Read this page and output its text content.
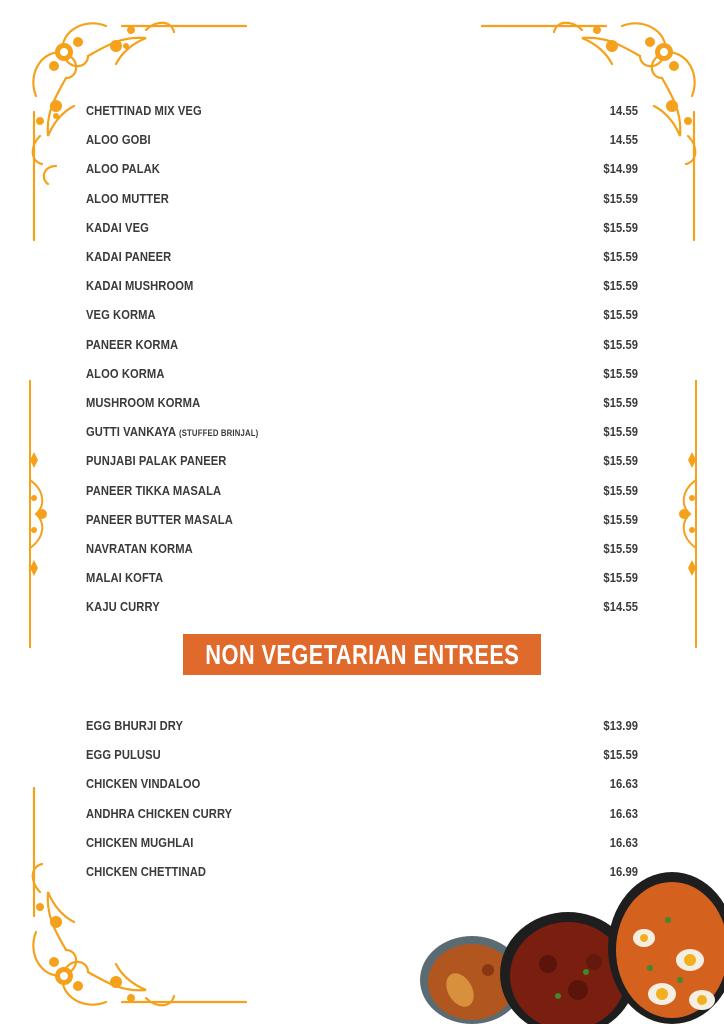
CHETTINAD MIX VEG	14.55
ALOO GOBI	14.55
ALOO PALAK	$14.99
ALOO MUTTER	$15.59
KADAI VEG	$15.59
KADAI PANEER	$15.59
KADAI MUSHROOM	$15.59
VEG KORMA	$15.59
PANEER KORMA	$15.59
ALOO KORMA	$15.59
MUSHROOM KORMA	$15.59
GUTTI VANKAYA (STUFFED BRINJAL)	$15.59
PUNJABI PALAK PANEER	$15.59
PANEER TIKKA MASALA	$15.59
PANEER BUTTER MASALA	$15.59
NAVRATAN KORMA	$15.59
MALAI KOFTA	$15.59
KAJU CURRY	$14.55
NON VEGETARIAN ENTREES
EGG BHURJI DRY	$13.99
EGG PULUSU	$15.59
CHICKEN VINDALOO	16.63
ANDHRA CHICKEN CURRY	16.63
CHICKEN MUGHLAI	16.63
CHICKEN CHETTINAD	16.99
